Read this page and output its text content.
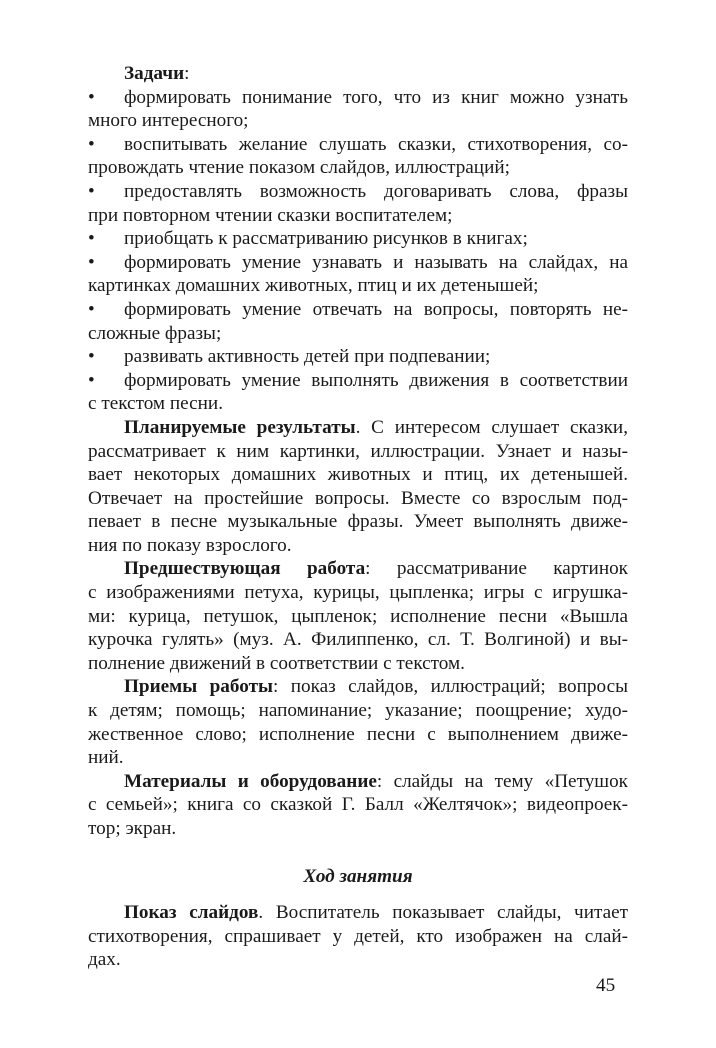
Задачи:
• формировать понимание того, что из книг можно узнать
много интересного;
• воспитывать желание слушать сказки, стихотворения, со-
провождать чтение показом слайдов, иллюстраций;
• предоставлять возможность договаривать слова, фразы
при повторном чтении сказки воспитателем;
• приобщать к рассматриванию рисунков в книгах;
• формировать умение узнавать и называть на слайдах, на
картинках домашних животных, птиц и их детенышей;
• формировать умение отвечать на вопросы, повторять не-
сложные фразы;
• развивать активность детей при подпевании;
• формировать умение выполнять движения в соответствии
с текстом песни.
Планируемые результаты. С интересом слушает сказки,
рассматривает к ним картинки, иллюстрации. Узнает и назы-
вает некоторых домашних животных и птиц, их детенышей.
Отвечает на простейшие вопросы. Вместе со взрослым под-
певает в песне музыкальные фразы. Умеет выполнять движе-
ния по показу взрослого.
Предшествующая работа: рассматривание картинок
с изображениями петуха, курицы, цыпленка; игры с игрушка-
ми: курица, петушок, цыпленок; исполнение песни «Вышла
курочка гулять» (муз. А. Филиппенко, сл. Т. Волгиной) и вы-
полнение движений в соответствии с текстом.
Приемы работы: показ слайдов, иллюстраций; вопросы
к детям; помощь; напоминание; указание; поощрение; худо-
жественное слово; исполнение песни с выполнением движе-
ний.
Материалы и оборудование: слайды на тему «Петушок
с семьей»; книга со сказкой Г. Балл «Желтячок»; видеопроек-
тор; экран.
Ход занятия
Показ слайдов. Воспитатель показывает слайды, читает
стихотворения, спрашивает у детей, кто изображен на слай-
дах.
45
